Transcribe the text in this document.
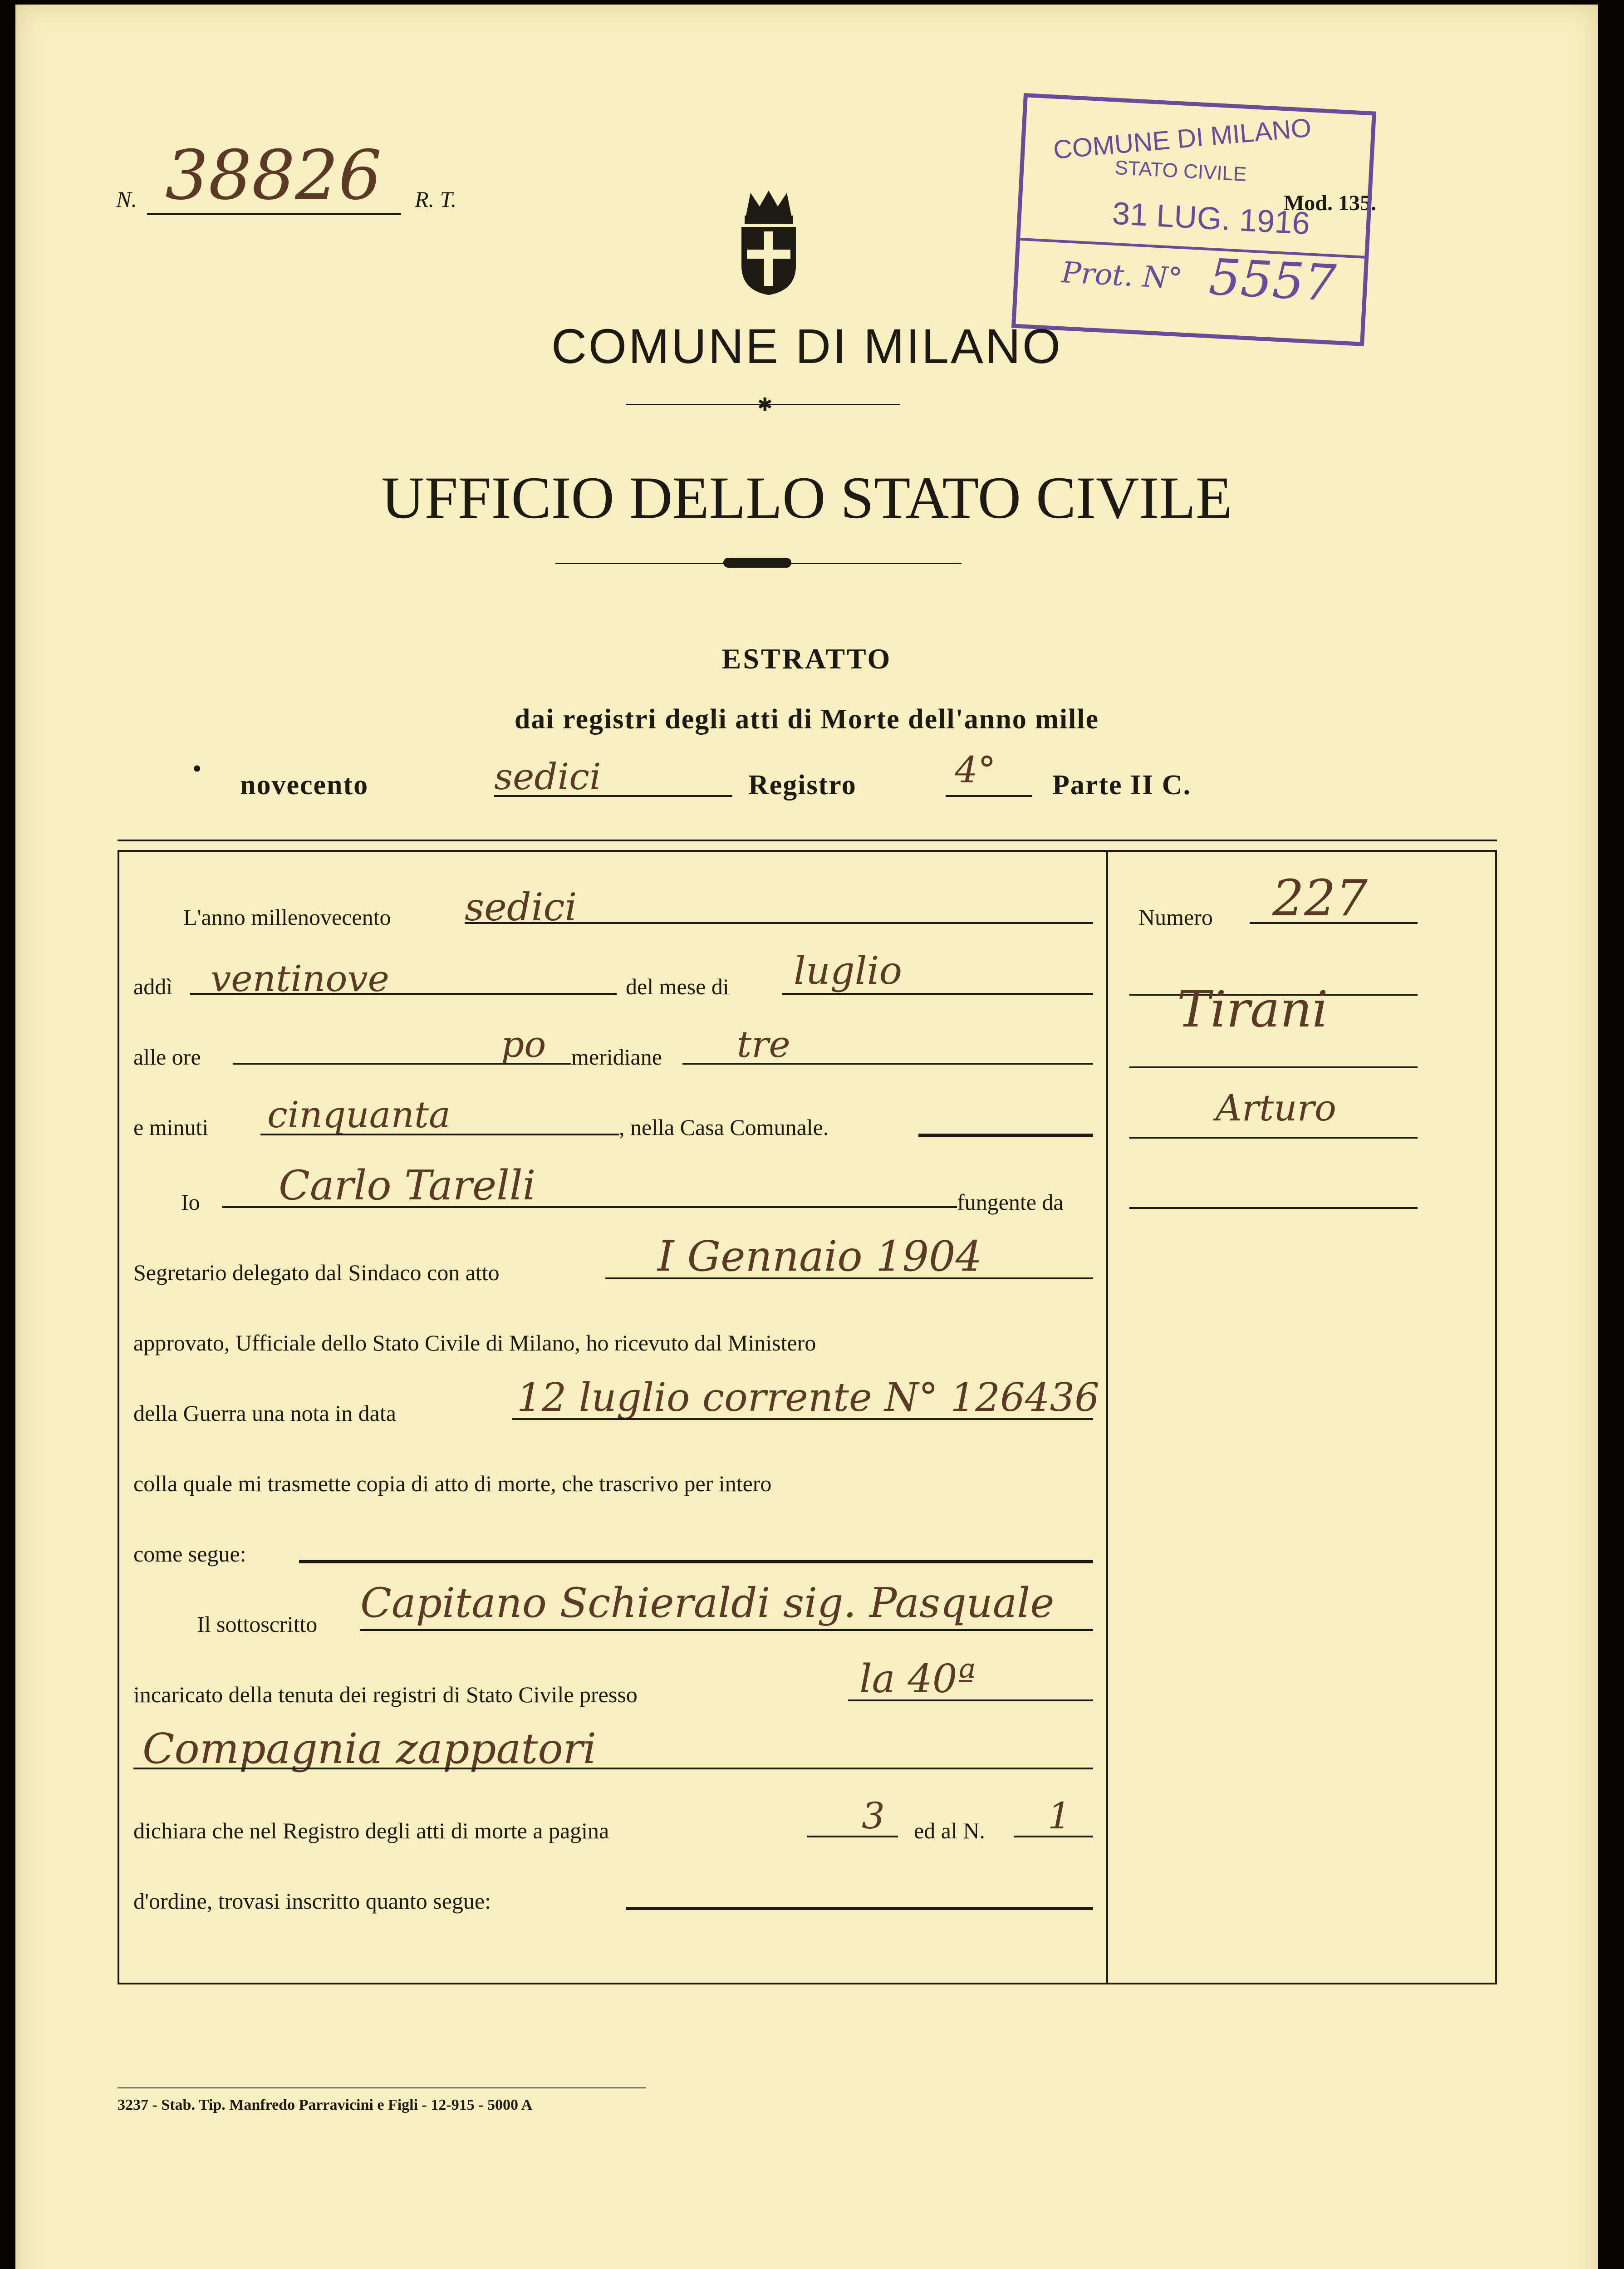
N. 38826 R. T.	Mod. 135.
COMUNE DI MILANO
STATO CIVILE
31 LUG. 1916
Prot. N° 5557
COMUNE DI MILANO
✱
UFFICIO DELLO STATO CIVILE
ESTRATTO
dai registri degli atti di Morte dell'anno mille
•
novecento	sedici	Registro	4° Parte II C.
L'anno millenovecento sedici
addì ventinove	del mese di luglio
alle ore	po meridiane tre
e minuti cinquanta	, nella Casa Comunale.
Io Carlo Tarelli	fungente da
Segretario delegato dal Sindaco con atto	I Gennaio 1904
approvato, Ufficiale dello Stato Civile di Milano, ho ricevuto dal Ministero
della Guerra una nota in data	12 luglio corrente N° 126436
colla quale mi trasmette copia di atto di morte, che trascrivo per intero
come segue:
Il sottoscritto Capitano Schieraldi sig. Pasquale
incaricato della tenuta dei registri di Stato Civile presso	la 40ª
Compagnia zappatori
dichiara che nel Registro degli atti di morte a pagina	3 ed al N. 1
d'ordine, trovasi inscritto quanto segue:
Numero 227
Tirani
Arturo
3237 - Stab. Tip. Manfredo Parravicini e Figli - 12-915 - 5000 A
